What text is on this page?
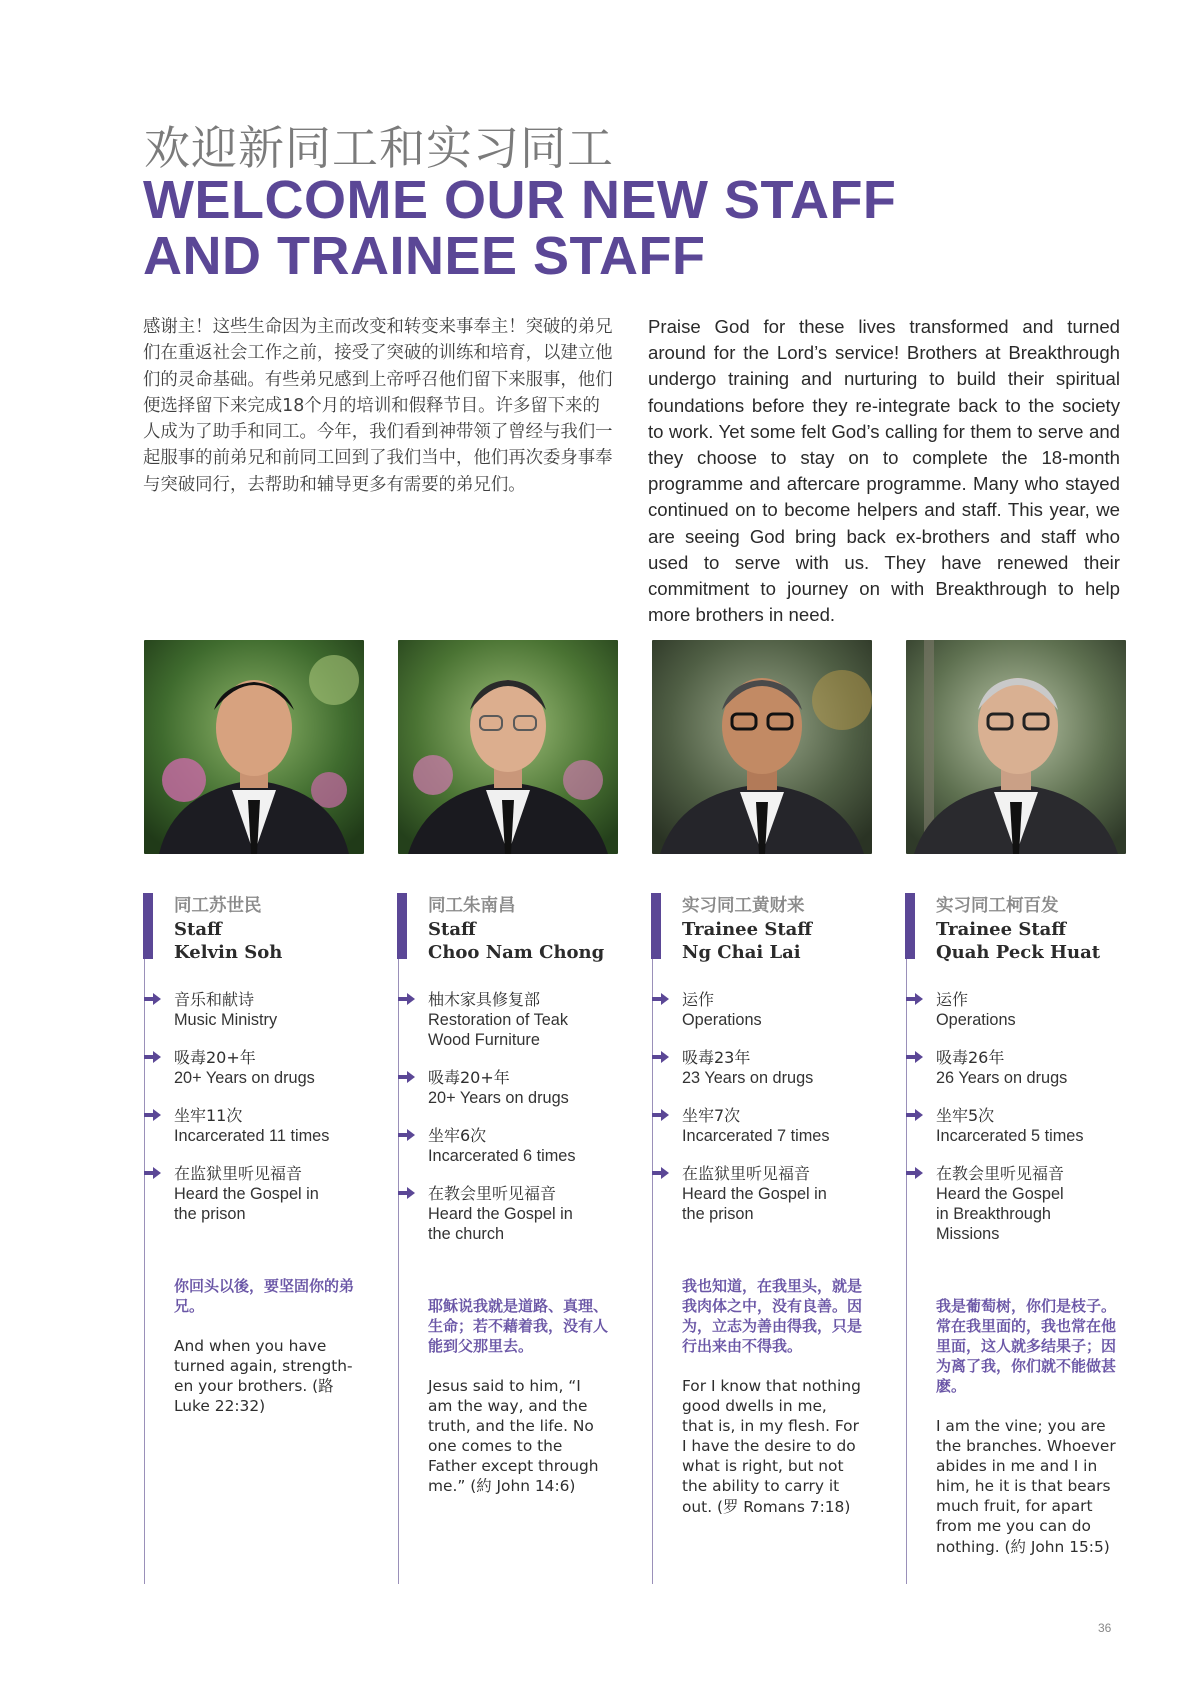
欢迎新同工和实习同工
WELCOME OUR NEW STAFF
AND TRAINEE STAFF
感谢主！这些生命因为主而改变和转变来事奉主！突破的弟兄们在重返社会工作之前，接受了突破的训练和培育，以建立他们的灵命基础。有些弟兄感到上帝呼召他们留下来服事，他们便选择留下来完成18个月的培训和假释节目。许多留下来的人成为了助手和同工。今年，我们看到神带领了曾经与我们一起服事的前弟兄和前同工回到了我们当中，他们再次委身事奉与突破同行，去帮助和辅导更多有需要的弟兄们。
Praise God for these lives transformed and turned around for the Lord’s service! Brothers at Breakthrough undergo training and nurturing to build their spiritual foundations before they re-integrate back to the society to work. Yet some felt God’s calling for them to serve and they choose to stay on to complete the 18-month programme and aftercare programme. Many who stayed continued on to become helpers and staff. This year, we are seeing God bring back ex-brothers and staff who used to serve with us. They have renewed their commitment to journey on with Breakthrough to help more brothers in need.
同工苏世民
Staff
Kelvin Soh
音乐和献诗
Music Ministry
吸毒20+年
20+ Years on drugs
坐牢11次
Incarcerated 11 times
在监狱里听见福音
Heard the Gospel in the prison
你回头以後，要坚固你的弟兄。
And when you have turned again, strength-en your brothers. (路 Luke 22:32)
同工朱南昌
Staff
Choo Nam Chong
柚木家具修复部
Restoration of Teak Wood Furniture
吸毒20+年
20+ Years on drugs
坐牢6次
Incarcerated 6 times
在教会里听见福音
Heard the Gospel in the church
耶稣说我就是道路、真理、生命；若不藉着我，没有人能到父那里去。
Jesus said to him, “I am the way, and the truth, and the life. No one comes to the Father except through me.” (約 John 14:6)
实习同工黄财来
Trainee Staff
Ng Chai Lai
运作
Operations
吸毒23年
23 Years on drugs
坐牢7次
Incarcerated 7 times
在监狱里听见福音
Heard the Gospel in the prison
我也知道，在我里头，就是我肉体之中，没有良善。因为，立志为善由得我，只是行出来由不得我。
For I know that nothing good dwells in me, that is, in my flesh. For I have the desire to do what is right, but not the ability to carry it out. (罗 Romans 7:18)
实习同工柯百发
Trainee Staff
Quah Peck Huat
运作
Operations
吸毒26年
26 Years on drugs
坐牢5次
Incarcerated 5 times
在教会里听见福音
Heard the Gospel in Breakthrough Missions
我是葡萄树，你们是枝子。常在我里面的，我也常在他里面，这人就多结果子；因为离了我，你们就不能做甚麽。
I am the vine; you are the branches. Whoever abides in me and I in him, he it is that bears much fruit, for apart from me you can do nothing. (約 John 15:5)
36
